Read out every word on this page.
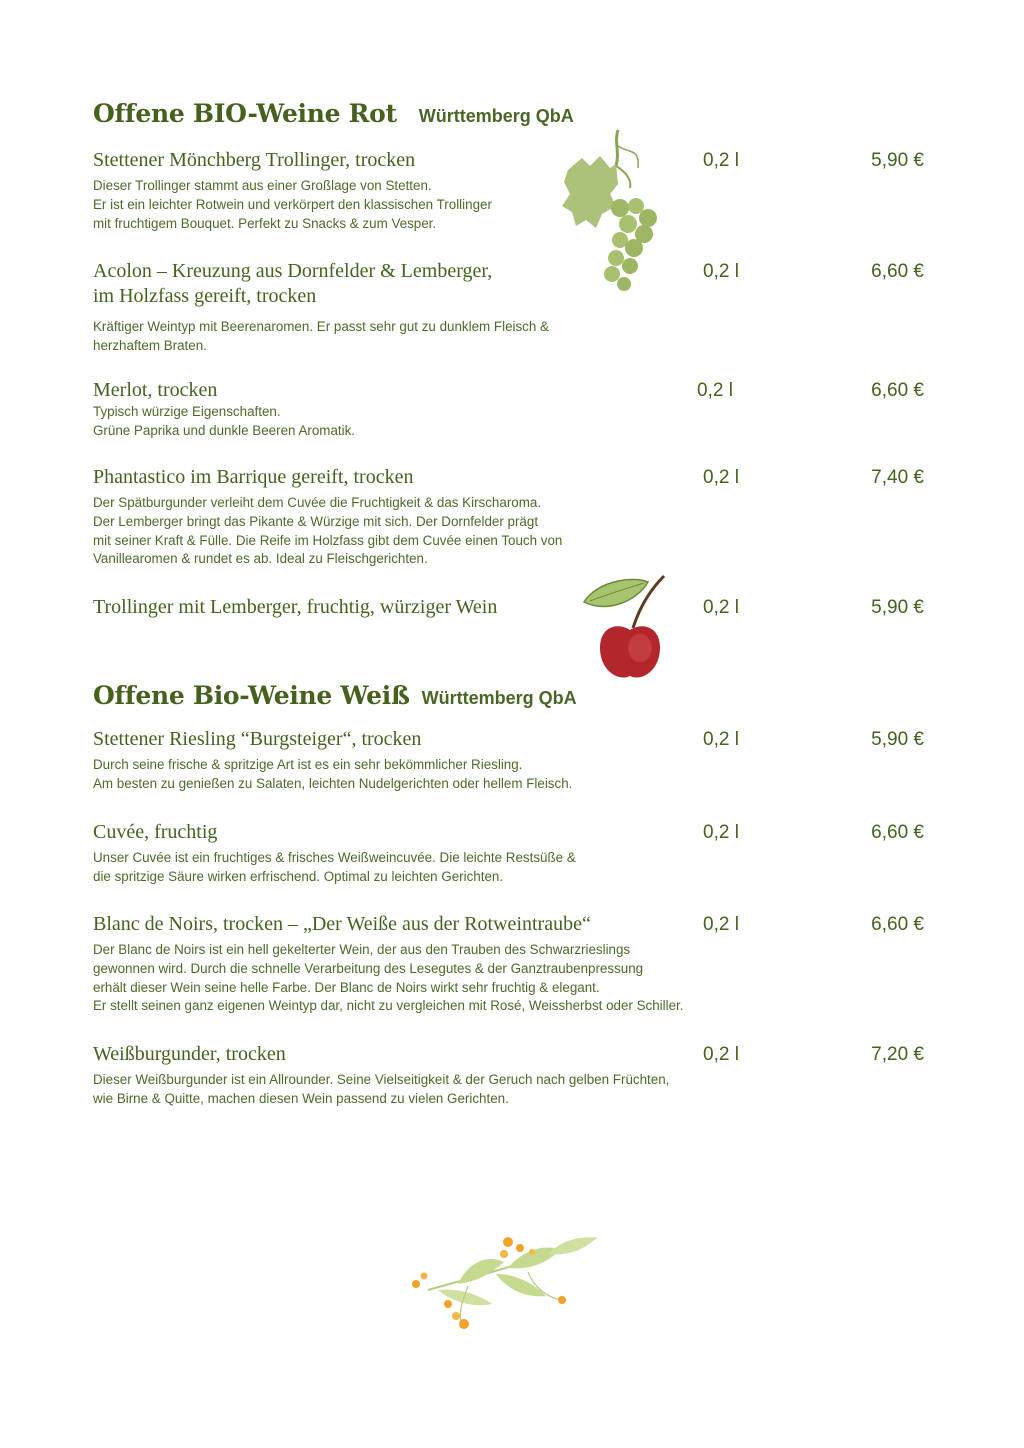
Offene BIO-Weine Rot Württemberg QbA
Stettener Mönchberg Trollinger, trocken	0,2 l	5,90 €
Dieser Trollinger stammt aus einer Großlage von Stetten.
Er ist ein leichter Rotwein und verkörpert den klassischen Trollinger
mit fruchtigem Bouquet. Perfekt zu Snacks & zum Vesper.
Acolon – Kreuzung aus Dornfelder & Lemberger,
im Holzfass gereift, trocken
0,2 l	6,60 €
Kräftiger Weintyp mit Beerenaromen. Er passt sehr gut zu dunklem Fleisch &
herzhaftem Braten.
Merlot, trocken	0,2 l	6,60 €
Typisch würzige Eigenschaften.
Grüne Paprika und dunkle Beeren Aromatik.
Phantastico im Barrique gereift, trocken	0,2 l	7,40 €
Der Spätburgunder verleiht dem Cuvée die Fruchtigkeit & das Kirscharoma.
Der Lemberger bringt das Pikante & Würzige mit sich. Der Dornfelder prägt
mit seiner Kraft & Fülle. Die Reife im Holzfass gibt dem Cuvée einen Touch von
Vanillearomen & rundet es ab. Ideal zu Fleischgerichten.
Trollinger mit Lemberger, fruchtig, würziger Wein	0,2 l	5,90 €
Offene Bio-Weine Weiß Württemberg QbA
Stettener Riesling “Burgsteiger“, trocken	0,2 l	5,90 €
Durch seine frische & spritzige Art ist es ein sehr bekömmlicher Riesling.
Am besten zu genießen zu Salaten, leichten Nudelgerichten oder hellem Fleisch.
Cuvée, fruchtig	0,2 l	6,60 €
Unser Cuvée ist ein fruchtiges & frisches Weißweincuvée. Die leichte Restsüße &
die spritzige Säure wirken erfrischend. Optimal zu leichten Gerichten.
Blanc de Noirs, trocken – „Der Weiße aus der Rotweintraube“	0,2 l	6,60 €
Der Blanc de Noirs ist ein hell gekelterter Wein, der aus den Trauben des Schwarzrieslings
gewonnen wird. Durch die schnelle Verarbeitung des Lesegutes & der Ganztraubenpressung
erhält dieser Wein seine helle Farbe. Der Blanc de Noirs wirkt sehr fruchtig & elegant.
Er stellt seinen ganz eigenen Weintyp dar, nicht zu vergleichen mit Rosé, Weissherbst oder Schiller.
Weißburgunder, trocken	0,2 l	7,20 €
Dieser Weißburgunder ist ein Allrounder. Seine Vielseitigkeit & der Geruch nach gelben Früchten,
wie Birne & Quitte, machen diesen Wein passend zu vielen Gerichten.
